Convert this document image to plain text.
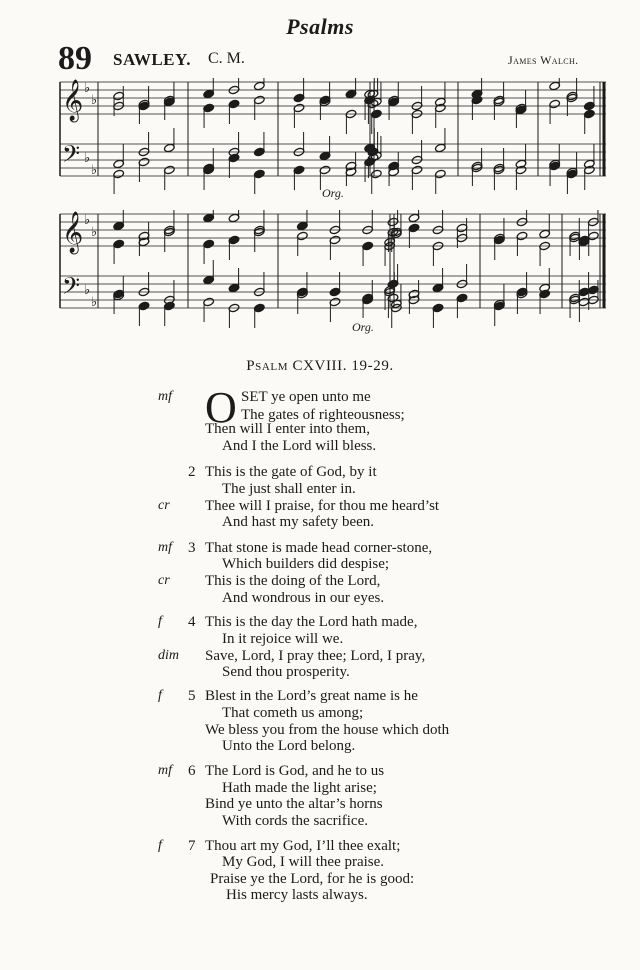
Psalms
89 SAWLEY. C. M.	James Walch.
𝄞 ♭
♭
𝄢 ♭
♭
Org.
𝄞 ♭
♭
𝄢 ♭
♭
Org.
Psalm CXVIII. 19-29.
O
mf	SET ye open unto me
The gates of righteousness;
Then will I enter into them,
And I the Lord will bless.
2 This is the gate of God, by it
The just shall enter in.
cr Thee will I praise, for thou me heard’st
And hast my safety been.
mf 3 That stone is made head corner-stone,
Which builders did despise;
cr This is the doing of the Lord,
And wondrous in our eyes.
f 4 This is the day the Lord hath made,
In it rejoice will we.
dim Save, Lord, I pray thee; Lord, I pray,
Send thou prosperity.
f 5 Blest in the Lord’s great name is he
That cometh us among;
We bless you from the house which doth
Unto the Lord belong.
mf 6 The Lord is God, and he to us
Hath made the light arise;
Bind ye unto the altar’s horns
With cords the sacrifice.
f 7 Thou art my God, I’ll thee exalt;
My God, I will thee praise.
Praise ye the Lord, for he is good:
His mercy lasts always.
